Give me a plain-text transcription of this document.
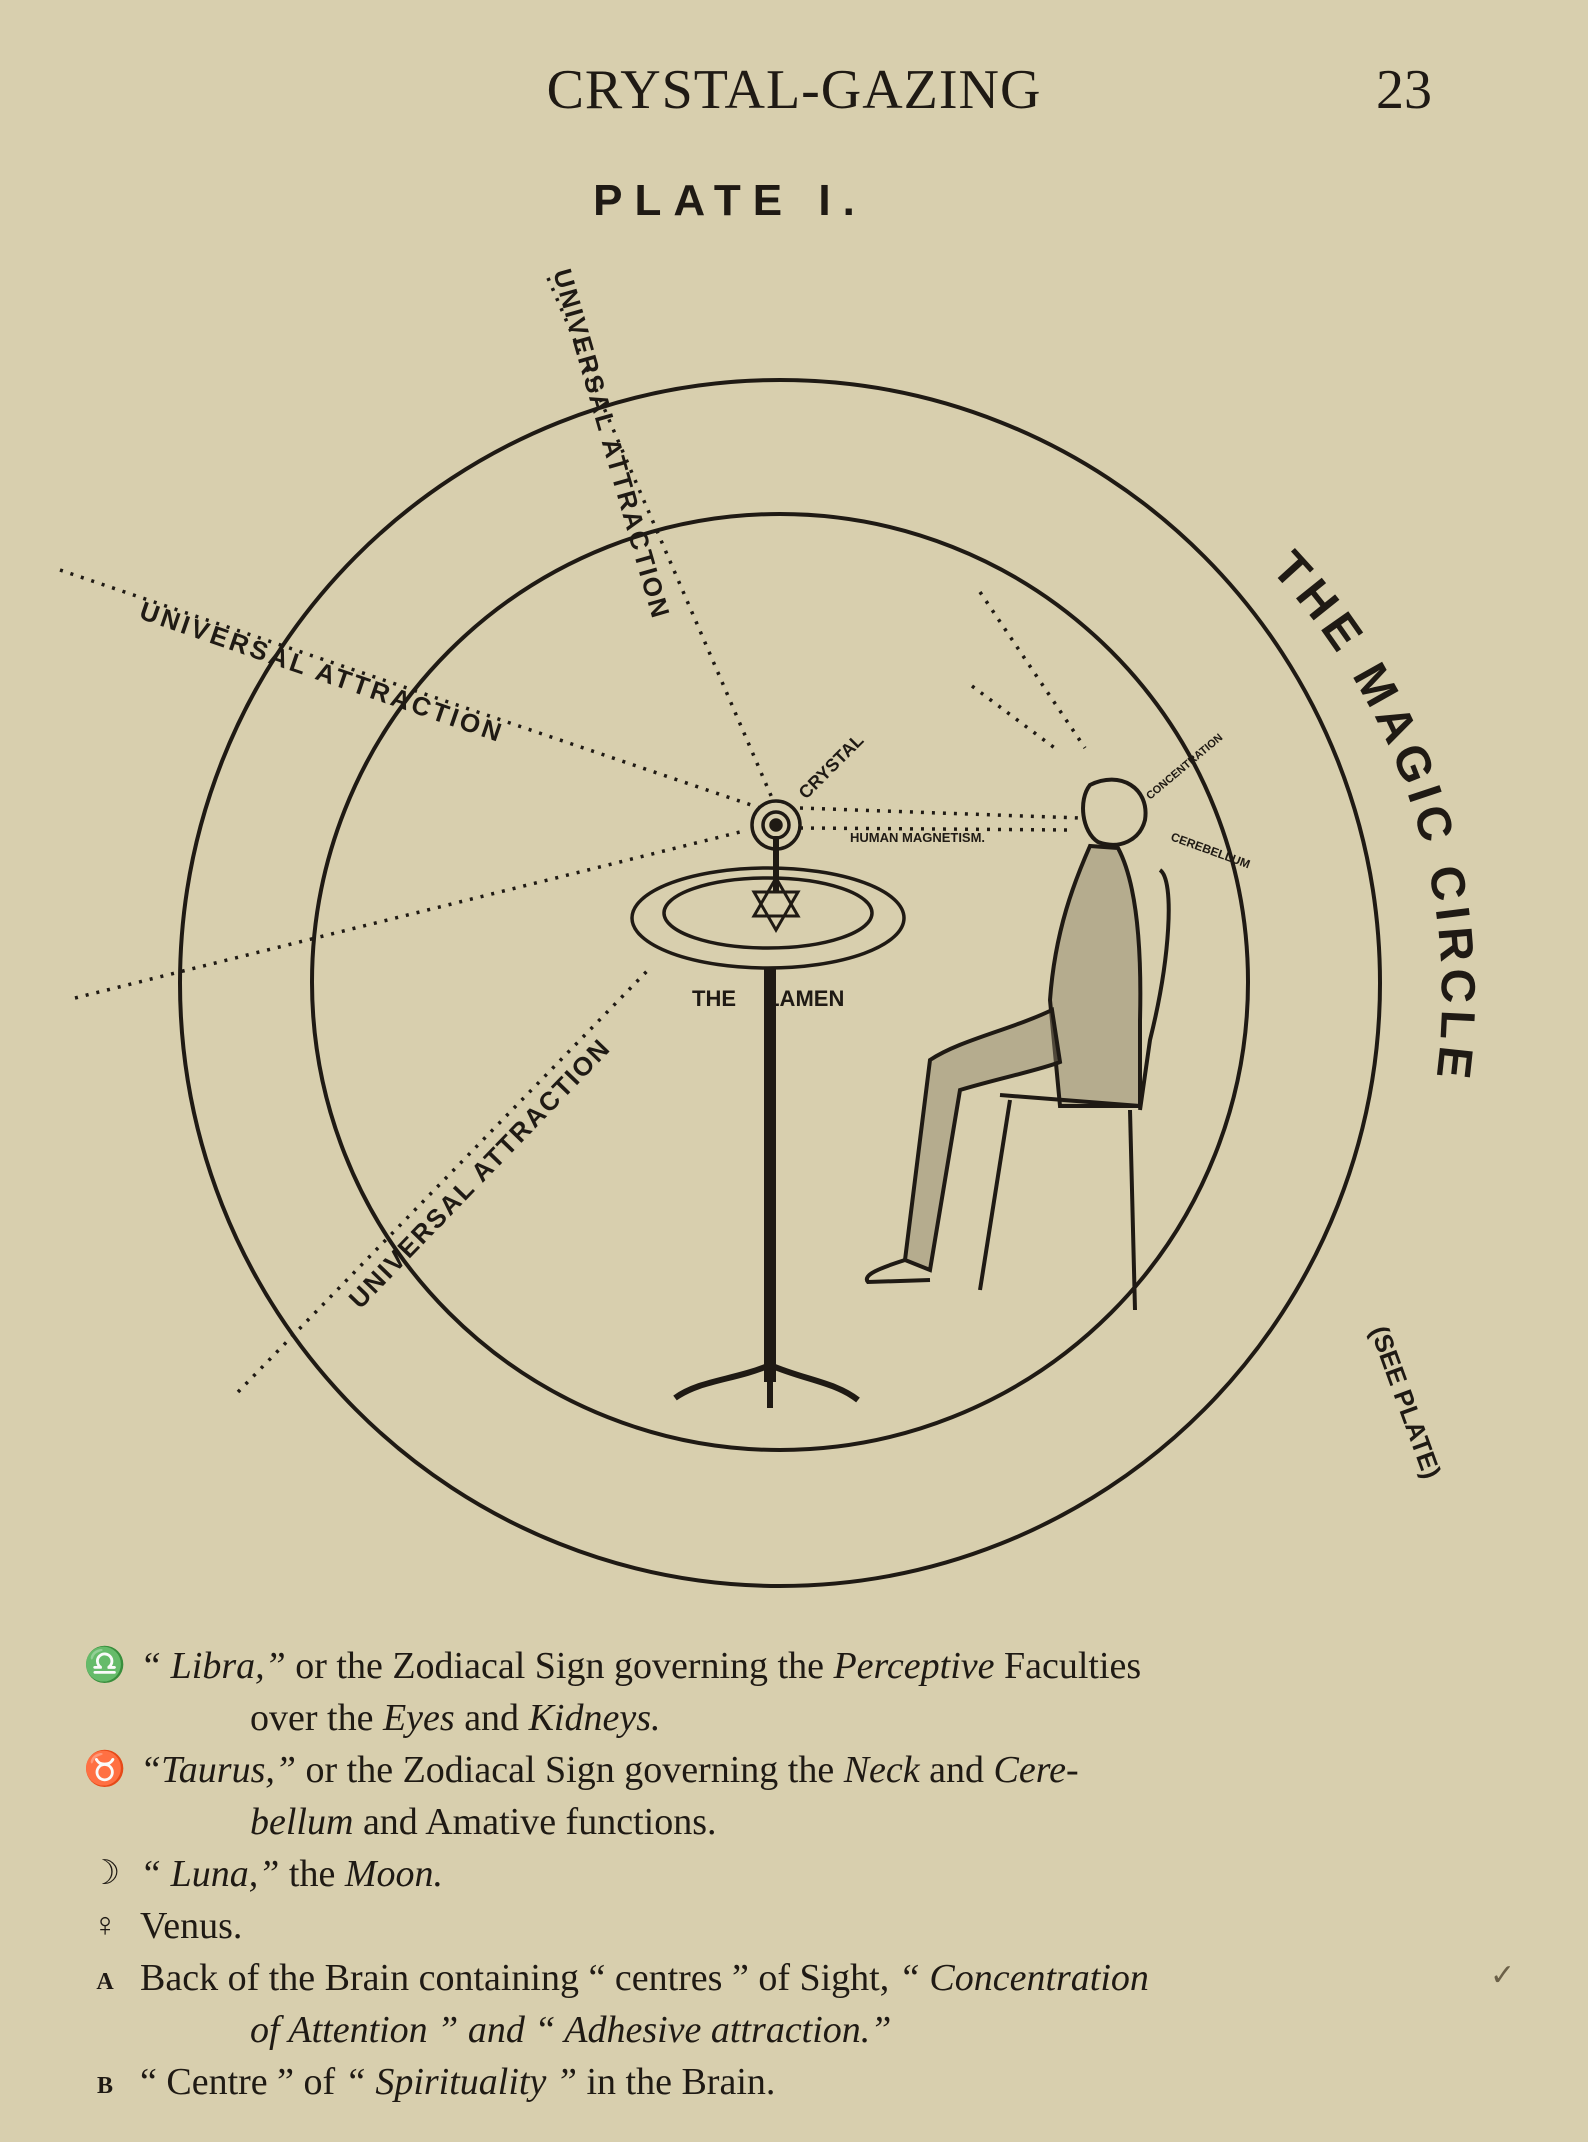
CRYSTAL-GAZING	23
PLATE I.
UNIVERSAL ATTRACTION
UNIVERSAL ATTRACTION
UNIVERSAL ATTRACTION
CRYSTAL
HUMAN MAGNETISM.
THE LAMEN
CONCENTRATION
CEREBELLUM
THE MAGIC CIRCLE
(SEE PLATE)
♎ “ Libra,” or the Zodiacal Sign governing the Perceptive Faculties
over the Eyes and Kidneys.
♉ “Taurus,” or the Zodiacal Sign governing the Neck and Cere-
bellum and Amative functions.
☽ “ Luna,” the Moon.
♀ Venus.
A Back of the Brain containing “ centres ” of Sight, “ Concentration
of Attention ” and “ Adhesive attraction.”
B “ Centre ” of “ Spirituality ” in the Brain.
✓
